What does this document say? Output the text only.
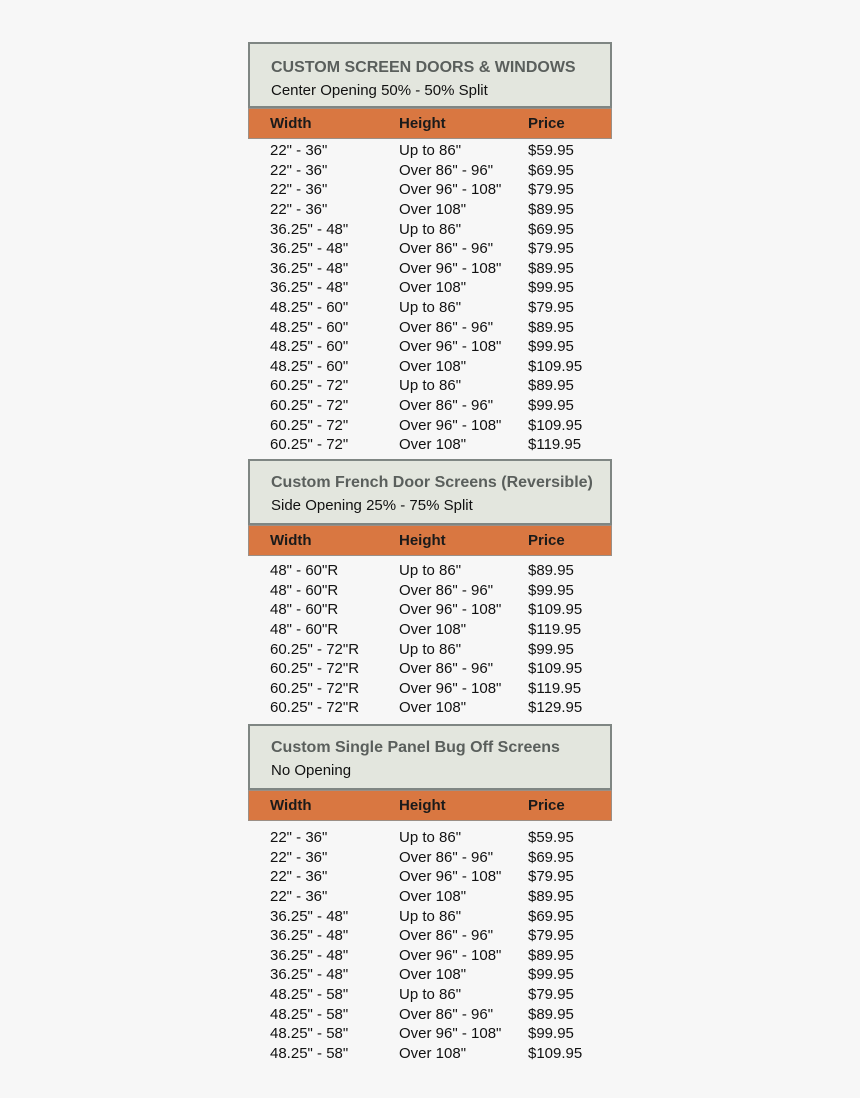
CUSTOM SCREEN DOORS & WINDOWS
Center Opening 50% - 50% Split
Width	Height	Price
22" - 36"	Up to 86"	$59.95
22" - 36"	Over 86" - 96"	$69.95
22" - 36"	Over 96" - 108"	$79.95
22" - 36"	Over 108"	$89.95
36.25" - 48"	Up to 86"	$69.95
36.25" - 48"	Over 86" - 96"	$79.95
36.25" - 48"	Over 96" - 108"	$89.95
36.25" - 48"	Over 108"	$99.95
48.25" - 60"	Up to 86"	$79.95
48.25" - 60"	Over 86" - 96"	$89.95
48.25" - 60"	Over 96" - 108"	$99.95
48.25" - 60"	Over 108"	$109.95
60.25" - 72"	Up to 86"	$89.95
60.25" - 72"	Over 86" - 96"	$99.95
60.25" - 72"	Over 96" - 108"	$109.95
60.25" - 72"	Over 108"	$119.95
Custom French Door Screens (Reversible)
Side Opening 25% - 75% Split
Width	Height	Price
48" - 60"R	Up to 86"	$89.95
48" - 60"R	Over 86" - 96"	$99.95
48" - 60"R	Over 96" - 108"	$109.95
48" - 60"R	Over 108"	$119.95
60.25" - 72"R	Up to 86"	$99.95
60.25" - 72"R	Over 86" - 96"	$109.95
60.25" - 72"R	Over 96" - 108"	$119.95
60.25" - 72"R	Over 108"	$129.95
Custom Single Panel Bug Off Screens
No Opening
Width	Height	Price
22" - 36"	Up to 86"	$59.95
22" - 36"	Over 86" - 96"	$69.95
22" - 36"	Over 96" - 108"	$79.95
22" - 36"	Over 108"	$89.95
36.25" - 48"	Up to 86"	$69.95
36.25" - 48"	Over 86" - 96"	$79.95
36.25" - 48"	Over 96" - 108"	$89.95
36.25" - 48"	Over 108"	$99.95
48.25" - 58"	Up to 86"	$79.95
48.25" - 58"	Over 86" - 96"	$89.95
48.25" - 58"	Over 96" - 108"	$99.95
48.25" - 58"	Over 108"	$109.95
